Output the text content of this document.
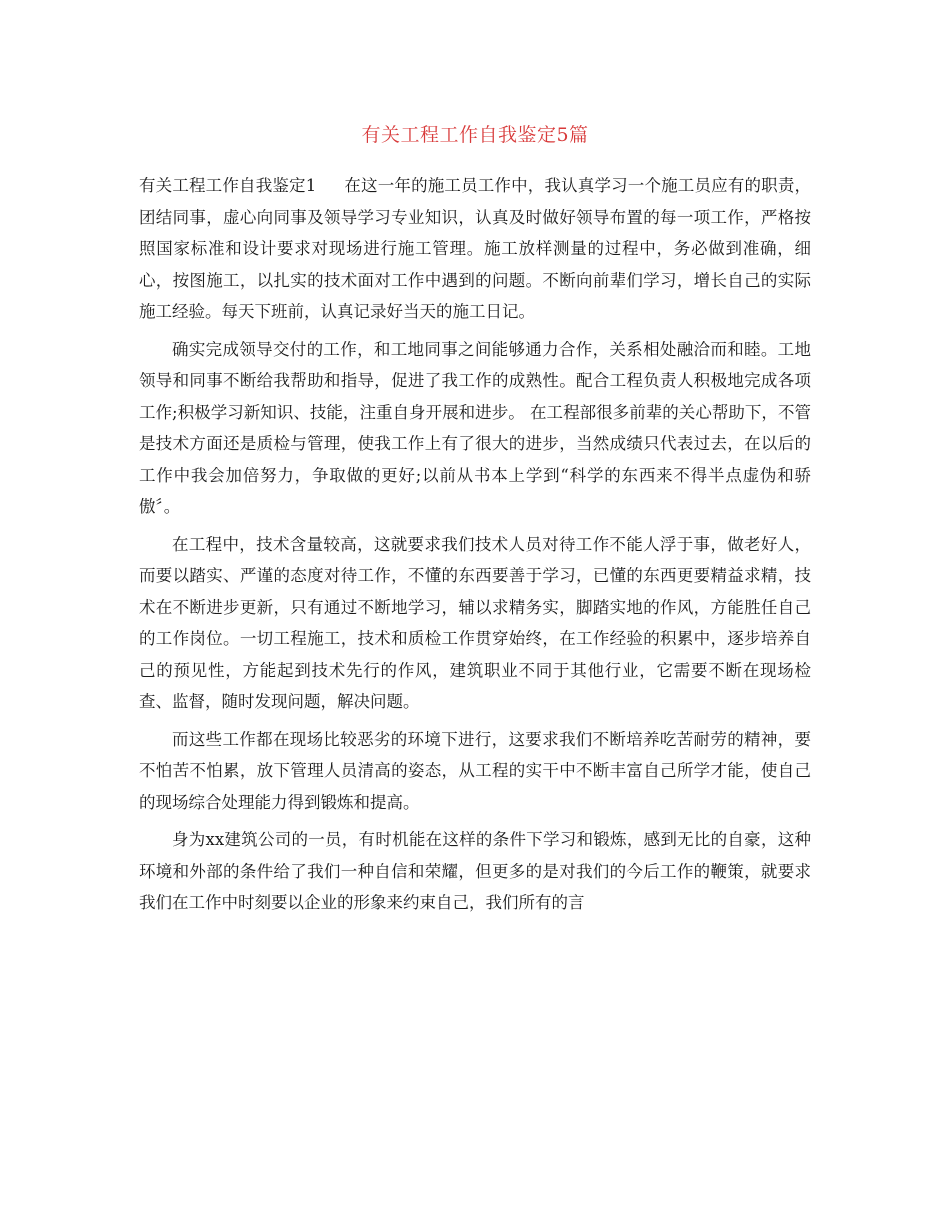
有关工程工作自我鉴定5篇

有关工程工作自我鉴定1 在这一年的施工员工作中，我认真学习一个施工员应有的职责，团结同事，虚心向同事及领导学习专业知识，认真及时做好领导布置的每一项工作，严格按照国家标准和设计要求对现场进行施工管理。施工放样测量的过程中，务必做到准确，细心，按图施工，以扎实的技术面对工作中遇到的问题。不断向前辈们学习，增长自己的实际施工经验。每天下班前，认真记录好当天的施工日记。

确实完成领导交付的工作，和工地同事之间能够通力合作，关系相处融洽而和睦。工地领导和同事不断给我帮助和指导，促进了我工作的成熟性。配合工程负责人积极地完成各项工作;积极学习新知识、技能，注重自身开展和进步。 在工程部很多前辈的关心帮助下，不管是技术方面还是质检与管理，使我工作上有了很大的进步，当然成绩只代表过去，在以后的工作中我会加倍努力，争取做的更好;以前从书本上学到“科学的东西来不得半点虚伪和骄傲〞。

在工程中，技术含量较高，这就要求我们技术人员对待工作不能人浮于事，做老好人，而要以踏实、严谨的态度对待工作，不懂的东西要善于学习，已懂的东西更要精益求精，技术在不断进步更新，只有通过不断地学习，辅以求精务实，脚踏实地的作风，方能胜任自己的工作岗位。一切工程施工，技术和质检工作贯穿始终，在工作经验的积累中，逐步培养自己的预见性，方能起到技术先行的作风，建筑职业不同于其他行业，它需要不断在现场检查、监督，随时发现问题，解决问题。

而这些工作都在现场比较恶劣的环境下进行，这要求我们不断培养吃苦耐劳的精神，要不怕苦不怕累，放下管理人员清高的姿态，从工程的实干中不断丰富自己所学才能，使自己的现场综合处理能力得到锻炼和提高。

身为xx建筑公司的一员，有时机能在这样的条件下学习和锻炼，感到无比的自豪，这种环境和外部的条件给了我们一种自信和荣耀，但更多的是对我们的今后工作的鞭策，就要求我们在工作中时刻要以企业的形象来约束自己，我们所有的言
